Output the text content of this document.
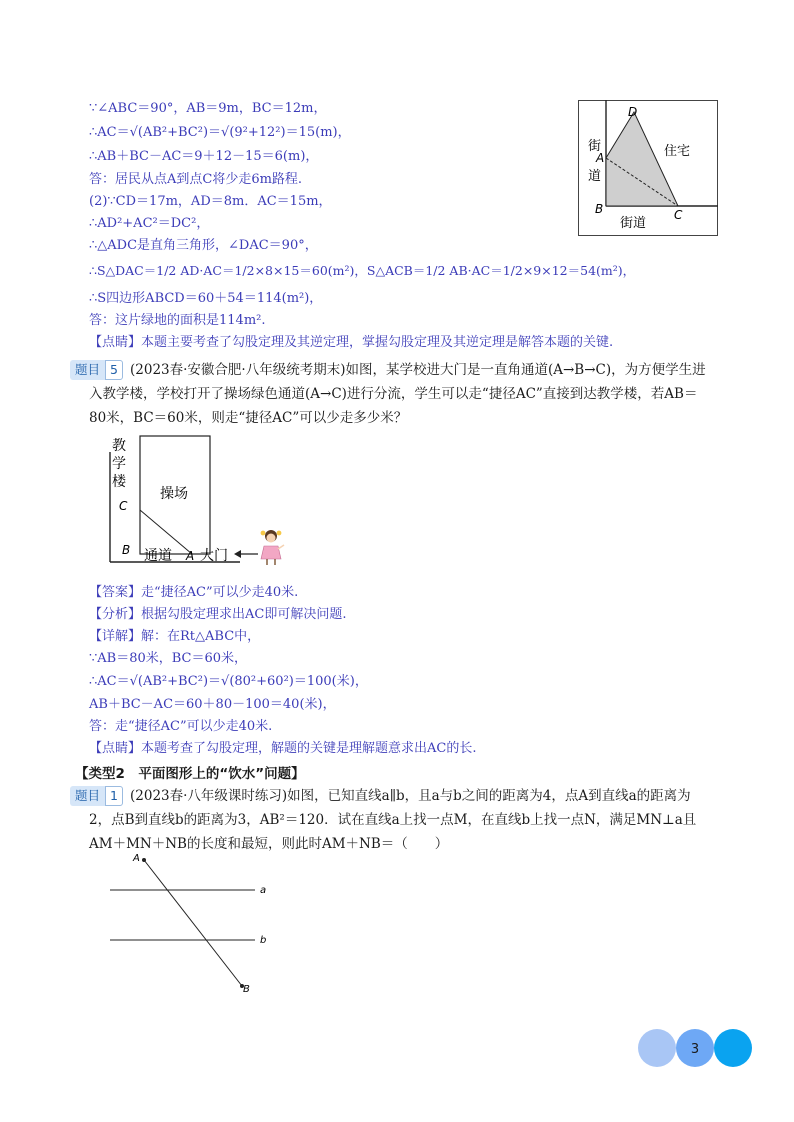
∵∠ABC＝90°，AB＝9m，BC＝12m，
∴AC＝√(AB²+BC²)＝√(9²+12²)＝15(m)，
∴AB＋BC－AC＝9＋12－15＝6(m)，
答：居民从点A到点C将少走6m路程.
(2)∵CD＝17m，AD＝8m．AC＝15m，
∴AD²+AC²＝DC²，
∴△ADC是直角三角形，∠DAC＝90°，
∴S△DAC＝1/2 AD·AC＝1/2×8×15＝60(m²)，S△ACB＝1/2 AB·AC＝1/2×9×12＝54(m²)，
∴S四边形ABCD＝60＋54＝114(m²)，
答：这片绿地的面积是114m².
【点睛】本题主要考查了勾股定理及其逆定理，掌握勾股定理及其逆定理是解答本题的关键.
D
A
B	C
住宅
街道
街道
题目 5 (2023春·安徽合肥·八年级统考期末)如图，某学校进大门是一直角通道(A→B→C)，为方便学生进
入教学楼，学校打开了操场绿色通道(A→C)进行分流，学生可以走“捷径AC”直接到达教学楼，若AB＝
80米，BC＝60米，则走“捷径AC”可以少走多少米？
教
学
楼
操场
C
B 通道 A 大门
【答案】走“捷径AC”可以少走40米.
【分析】根据勾股定理求出AC即可解决问题.
【详解】解：在Rt△ABC中，
∵AB＝80米，BC＝60米，
∴AC＝√(AB²+BC²)＝√(80²+60²)＝100(米)，
AB＋BC－AC＝60＋80－100＝40(米)，
答：走“捷径AC”可以少走40米.
【点睛】本题考查了勾股定理，解题的关键是理解题意求出AC的长.
【类型2　平面图形上的“饮水”问题】
题目 1 (2023春·八年级课时练习)如图，已知直线a∥b，且a与b之间的距离为4，点A到直线a的距离为
2，点B到直线b的距离为3，AB²＝120．试在直线a上找一点M，在直线b上找一点N，满足MN⊥a且
AM＋MN＋NB的长度和最短，则此时AM＋NB＝（　　）
A
B
a
b
3
